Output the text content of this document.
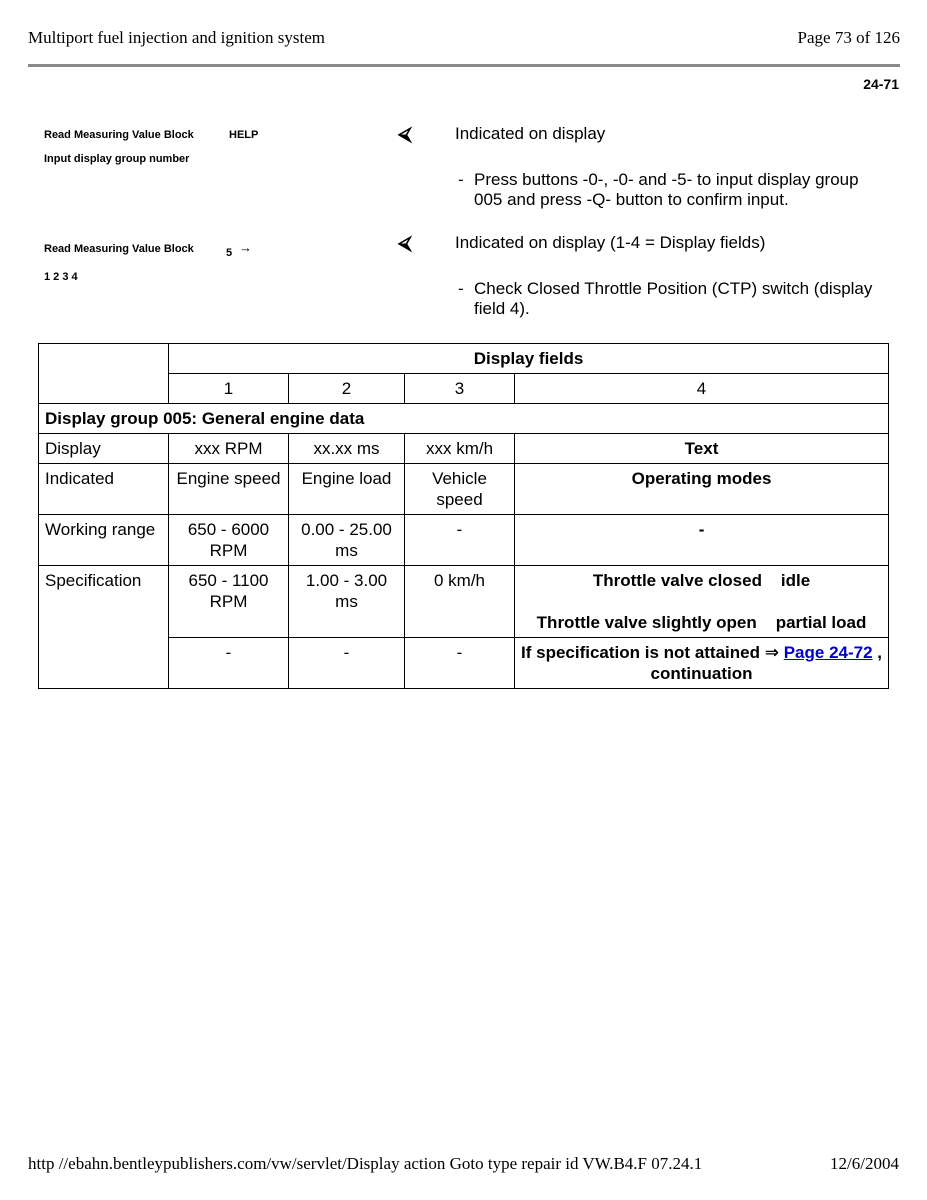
Multiport fuel injection and ignition system	Page 73 of 126
24-71
Read Measuring Value Block	HELP
Input display group number
⮘	Indicated on display
- Press buttons -0-, -0- and -5- to input display group 005 and press -Q- button to confirm input.
Read Measuring Value Block	5 →
1 2 3 4
⮘	Indicated on display (1-4 = Display fields)
- Check Closed Throttle Position (CTP) switch (display field 4).
	Display fields			
	1	2	3	4
Display group 005: General engine data				
Display	xxx RPM	xx.xx ms	xxx km/h	Text
Indicated	Engine speed	Engine load	Vehicle speed	Operating modes
Working range	650 - 6000 RPM	0.00 - 25.00 ms	-	-
Specification	650 - 1100 RPM	1.00 - 3.00 ms	0 km/h	Throttle valve closed idle
Throttle valve slightly open partial load

	-	-	-	If specification is not attained ⇒ Page 24-72 , continuation
http //ebahn.bentleypublishers.com/vw/servlet/Display action Goto type repair id VW.B4.F 07.24.1	12/6/2004
